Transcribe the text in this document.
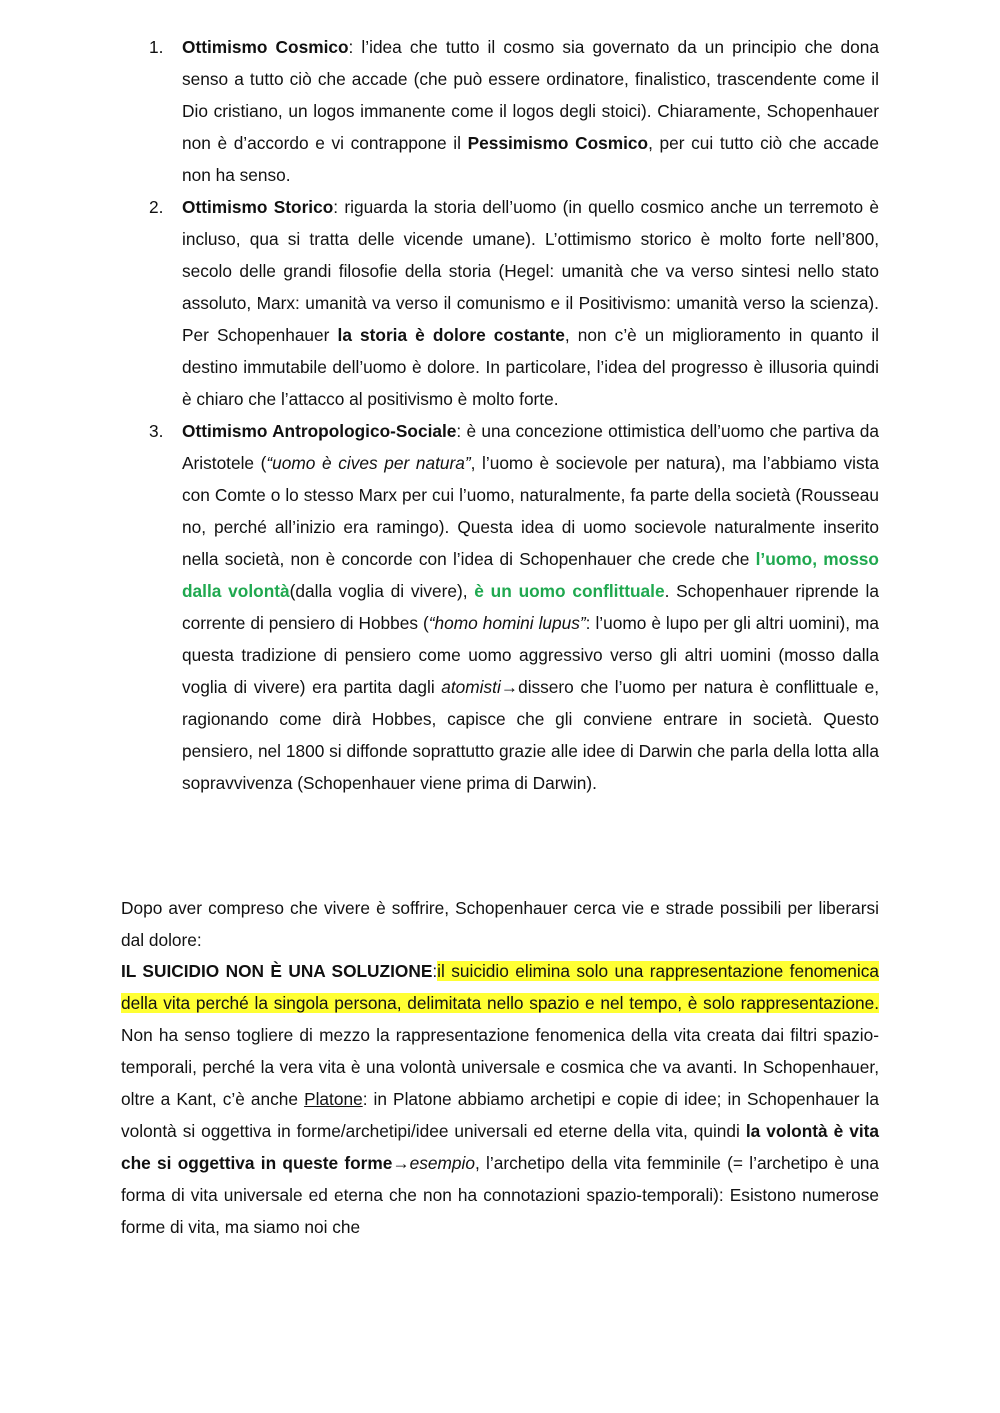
1. Ottimismo Cosmico: l’idea che tutto il cosmo sia governato da un principio che dona senso a tutto ciò che accade (che può essere ordinatore, finalistico, trascendente come il Dio cristiano, un logos immanente come il logos degli stoici). Chiaramente, Schopenhauer non è d’accordo e vi contrappone il Pessimismo Cosmico, per cui tutto ciò che accade non ha senso.
2. Ottimismo Storico: riguarda la storia dell’uomo (in quello cosmico anche un terremoto è incluso, qua si tratta delle vicende umane). L’ottimismo storico è molto forte nell’800, secolo delle grandi filosofie della storia (Hegel: umanità che va verso sintesi nello stato assoluto, Marx: umanità va verso il comunismo e il Positivismo: umanità verso la scienza). Per Schopenhauer la storia è dolore costante, non c’è un miglioramento in quanto il destino immutabile dell’uomo è dolore. In particolare, l’idea del progresso è illusoria quindi è chiaro che l’attacco al positivismo è molto forte.
3. Ottimismo Antropologico-Sociale: è una concezione ottimistica dell’uomo che partiva da Aristotele (“uomo è cives per natura”, l’uomo è socievole per natura), ma l’abbiamo vista con Comte o lo stesso Marx per cui l’uomo, naturalmente, fa parte della società (Rousseau no, perché all’inizio era ramingo). Questa idea di uomo socievole naturalmente inserito nella società, non è concorde con l’idea di Schopenhauer che crede che l’uomo, mosso dalla volontà(dalla voglia di vivere), è un uomo conflittuale. Schopenhauer riprende la corrente di pensiero di Hobbes (“homo homini lupus”: l’uomo è lupo per gli altri uomini), ma questa tradizione di pensiero come uomo aggressivo verso gli altri uomini (mosso dalla voglia di vivere) era partita dagli atomisti→dissero che l’uomo per natura è conflittuale e, ragionando come dirà Hobbes, capisce che gli conviene entrare in società. Questo pensiero, nel 1800 si diffonde soprattutto grazie alle idee di Darwin che parla della lotta alla sopravvivenza (Schopenhauer viene prima di Darwin).

Dopo aver compreso che vivere è soffrire, Schopenhauer cerca vie e strade possibili per liberarsi dal dolore:

IL SUICIDIO NON È UNA SOLUZIONE:il suicidio elimina solo una rappresentazione fenomenica della vita perché la singola persona, delimitata nello spazio e nel tempo, è solo rappresentazione. Non ha senso togliere di mezzo la rappresentazione fenomenica della vita creata dai filtri spazio-temporali, perché la vera vita è una volontà universale e cosmica che va avanti. In Schopenhauer, oltre a Kant, c’è anche Platone: in Platone abbiamo archetipi e copie di idee; in Schopenhauer la volontà si oggettiva in forme/archetipi/idee universali ed eterne della vita, quindi la volontà è vita che si oggettiva in queste forme→esempio, l’archetipo della vita femminile (= l’archetipo è una forma di vita universale ed eterna che non ha connotazioni spazio-temporali): Esistono numerose forme di vita, ma siamo noi che
